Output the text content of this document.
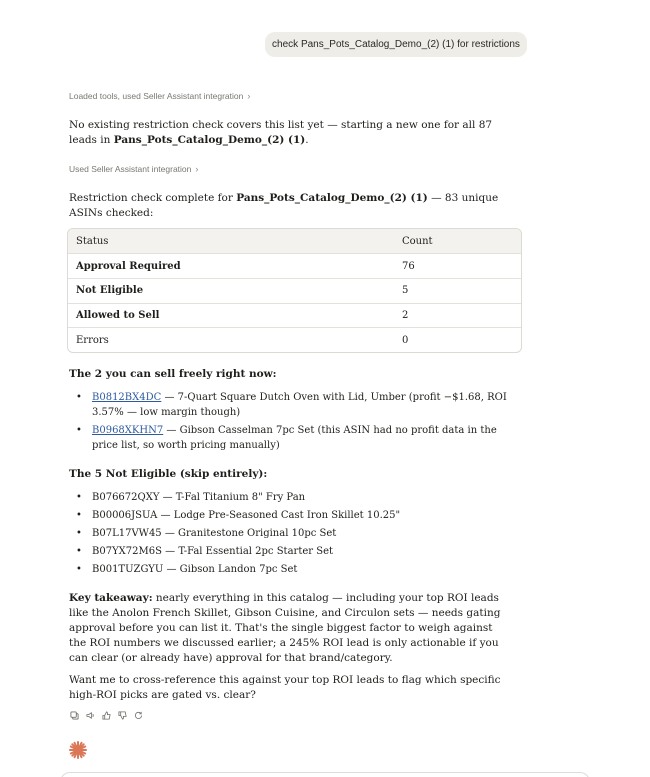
check Pans_Pots_Catalog_Demo_(2) (1) for restrictions
Loaded tools, used Seller Assistant integration ›
No existing restriction check covers this list yet — starting a new one for all 87 leads in Pans_Pots_Catalog_Demo_(2) (1).
Used Seller Assistant integration ›
Restriction check complete for Pans_Pots_Catalog_Demo_(2) (1) — 83 unique ASINs checked:
Status	Count
Approval Required	76
Not Eligible	5
Allowed to Sell	2
Errors	0
The 2 you can sell freely right now:
• B0812BX4DC — 7-Quart Square Dutch Oven with Lid, Umber (profit −$1.68, ROI 3.57% — low margin though)
• B0968XKHN7 — Gibson Casselman 7pc Set (this ASIN had no profit data in the price list, so worth pricing manually)
The 5 Not Eligible (skip entirely):
• B076672QXY — T-Fal Titanium 8" Fry Pan
• B00006JSUA — Lodge Pre-Seasoned Cast Iron Skillet 10.25"
• B07L17VW45 — Granitestone Original 10pc Set
• B07YX72M6S — T-Fal Essential 2pc Starter Set
• B001TUZGYU — Gibson Landon 7pc Set
Key takeaway: nearly everything in this catalog — including your top ROI leads like the Anolon French Skillet, Gibson Cuisine, and Circulon sets — needs gating approval before you can list it. That's the single biggest factor to weigh against the ROI numbers we discussed earlier; a 245% ROI lead is only actionable if you can clear (or already have) approval for that brand/category.
Want me to cross-reference this against your top ROI leads to flag which specific high-ROI picks are gated vs. clear?
